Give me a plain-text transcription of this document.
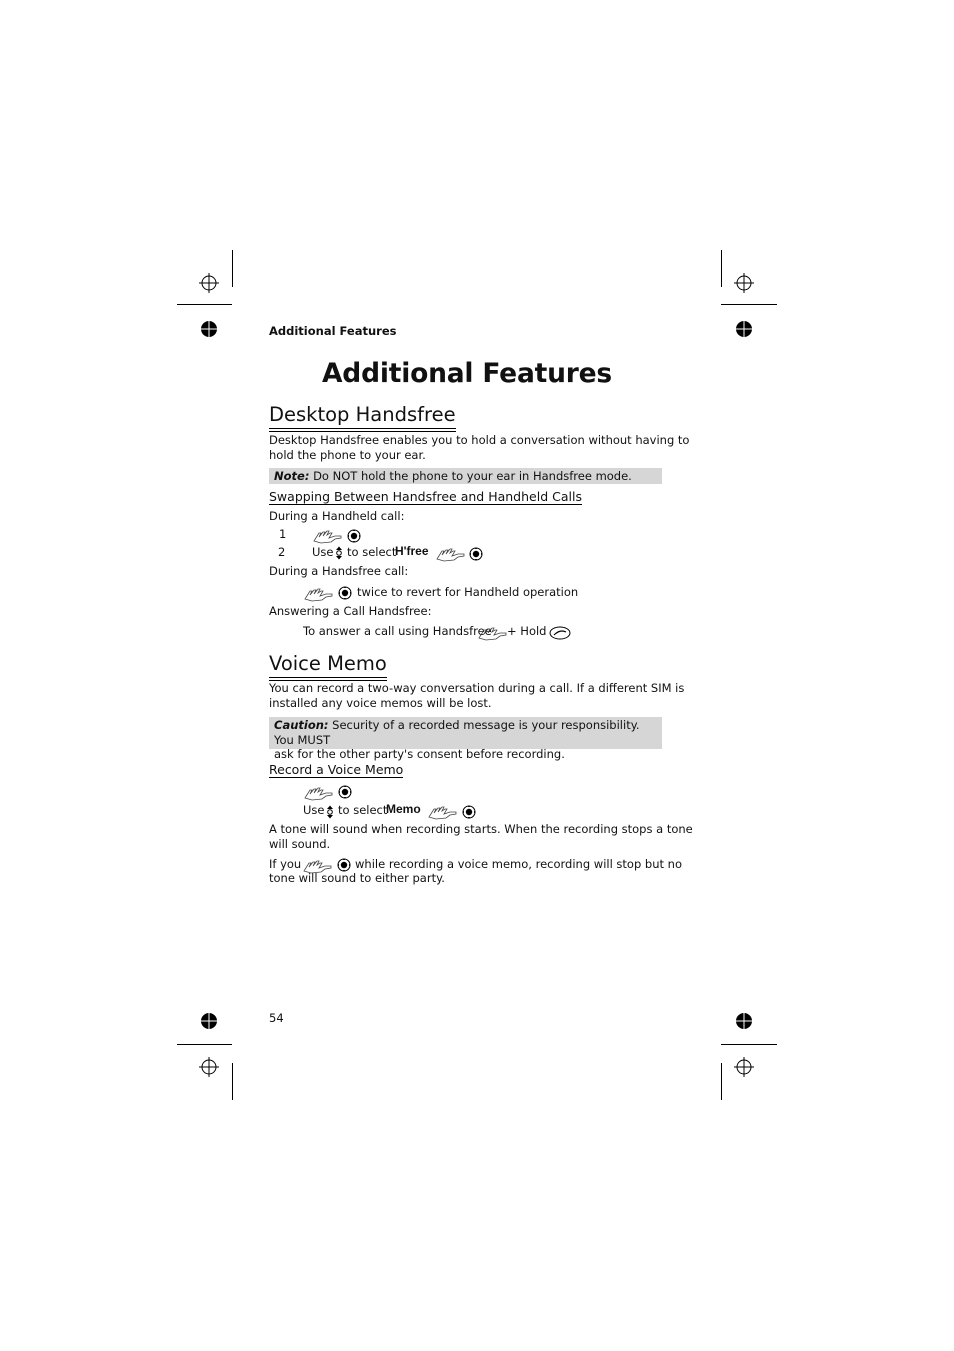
Additional Features
Additional Features
Desktop Handsfree
Desktop Handsfree enables you to hold a conversation without having to
hold the phone to your ear.
Note: Do NOT hold the phone to your ear in Handsfree mode.
Swapping Between Handsfree and Handheld Calls
During a Handheld call:
1
2 Use to select
H'free
During a Handsfree call:
twice to revert for Handheld operation
Answering a Call Handsfree:
To answer a call using Handsfree + Hold
Voice Memo
You can record a two-way conversation during a call. If a different SIM is
installed any voice memos will be lost.
Caution: Security of a recorded message is your responsibility. You MUST
ask for the other party's consent before recording.
Record a Voice Memo
Use to select
Memo
A tone will sound when recording starts. When the recording stops a tone
will sound.
If you	while recording a voice memo, recording will stop but no
tone will sound to either party.
54
